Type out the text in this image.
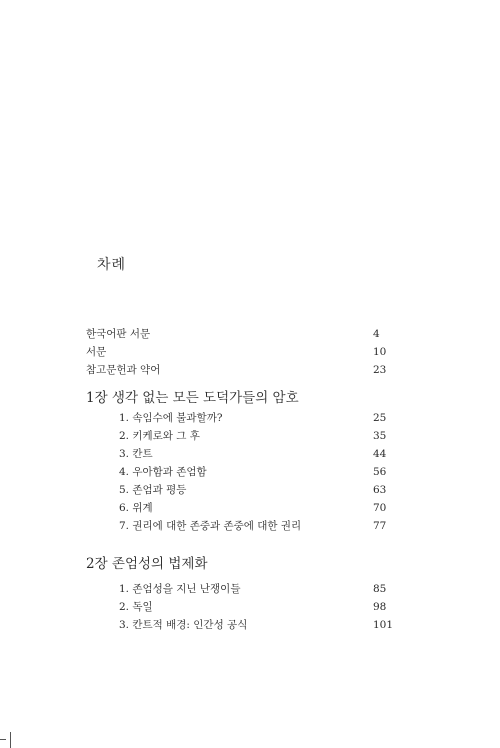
차례
한국어판 서문	4
서문	10
참고문헌과 약어	23
1장 생각 없는 모든 도덕가들의 암호
1. 속임수에 불과할까?	25
2. 키케로와 그 후	35
3. 칸트	44
4. 우아함과 존엄함	56
5. 존엄과 평등	63
6. 위계	70
7. 권리에 대한 존중과 존중에 대한 권리	77
2장 존엄성의 법제화
1. 존엄성을 지닌 난쟁이들	85
2. 독일	98
3. 칸트적 배경: 인간성 공식	101
